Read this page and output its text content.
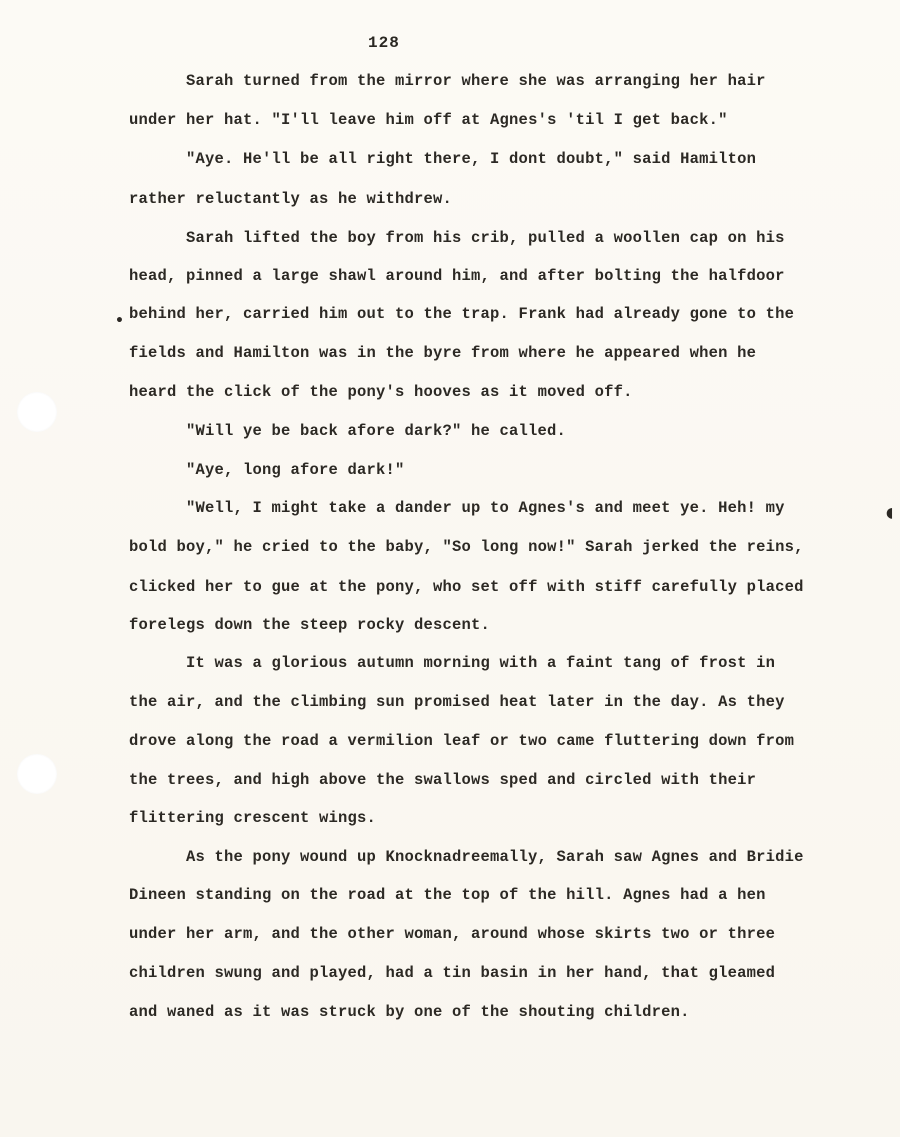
128
•
◖
Sarah turned from the mirror where she was arranging her hair
under her hat. "I'll leave him off at Agnes's 'til I get back."
"Aye. He'll be all right there, I dont doubt," said Hamilton
rather reluctantly as he withdrew.
Sarah lifted the boy from his crib, pulled a woollen cap on his
head, pinned a large shawl around him, and after bolting the halfdoor
behind her, carried him out to the trap. Frank had already gone to the
fields and Hamilton was in the byre from where he appeared when he
heard the click of the pony's hooves as it moved off.
"Will ye be back afore dark?" he called.
"Aye, long afore dark!"
"Well, I might take a dander up to Agnes's and meet ye. Heh! my
bold boy," he cried to the baby, "So long now!" Sarah jerked the reins,
clicked her to gue at the pony, who set off with stiff carefully placed
forelegs down the steep rocky descent.
It was a glorious autumn morning with a faint tang of frost in
the air, and the climbing sun promised heat later in the day. As they
drove along the road a vermilion leaf or two came fluttering down from
the trees, and high above the swallows sped and circled with their
flittering crescent wings.
As the pony wound up Knocknadreemally, Sarah saw Agnes and Bridie
Dineen standing on the road at the top of the hill. Agnes had a hen
under her arm, and the other woman, around whose skirts two or three
children swung and played, had a tin basin in her hand, that gleamed
and waned as it was struck by one of the shouting children.
